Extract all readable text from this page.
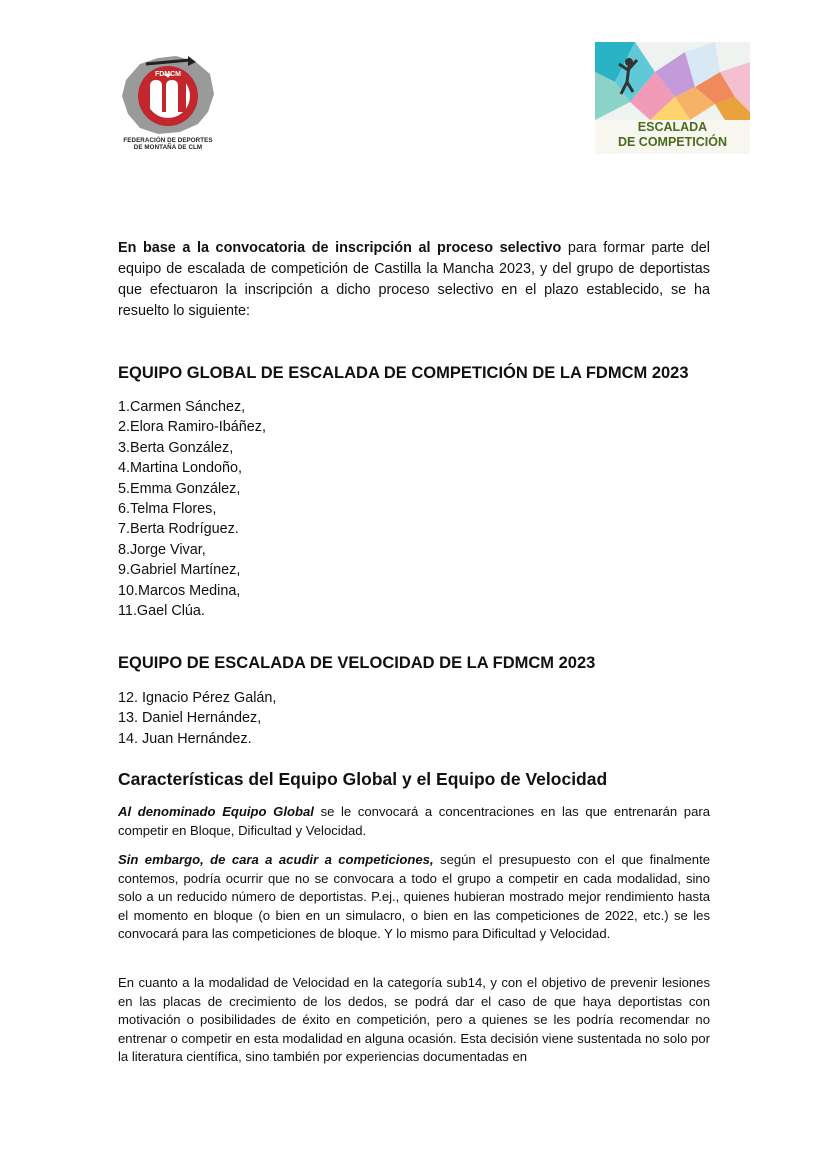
FDMCM
FEDERACIÓN DE DEPORTES
DE MONTAÑA DE CLM
ESCALADA
DE COMPETICIÓN
En base a la convocatoria de inscripción al proceso selectivo para formar parte del equipo de escalada de competición de Castilla la Mancha 2023, y del grupo de deportistas que efectuaron la inscripción a dicho proceso selectivo en el plazo establecido, se ha resuelto lo siguiente:
EQUIPO GLOBAL DE ESCALADA DE COMPETICIÓN DE LA FDMCM 2023
1.Carmen Sánchez,
2.Elora Ramiro-Ibáñez,
3.Berta González,
4.Martina Londoño,
5.Emma González,
6.Telma Flores,
7.Berta Rodríguez.
8.Jorge Vivar,
9.Gabriel Martínez,
10.Marcos Medina,
11.Gael Clúa.
EQUIPO DE ESCALADA DE VELOCIDAD DE LA FDMCM 2023
12. Ignacio Pérez Galán,
13. Daniel Hernández,
14. Juan Hernández.
Características del Equipo Global y el Equipo de Velocidad
Al denominado Equipo Global se le convocará a concentraciones en las que entrenarán para competir en Bloque, Dificultad y Velocidad.
Sin embargo, de cara a acudir a competiciones, según el presupuesto con el que finalmente contemos, podría ocurrir que no se convocara a todo el grupo a competir en cada modalidad, sino solo a un reducido número de deportistas. P.ej., quienes hubieran mostrado mejor rendimiento hasta el momento en bloque (o bien en un simulacro, o bien en las competiciones de 2022, etc.) se les convocará para las competiciones de bloque. Y lo mismo para Dificultad y Velocidad.
En cuanto a la modalidad de Velocidad en la categoría sub14, y con el objetivo de prevenir lesiones en las placas de crecimiento de los dedos, se podrá dar el caso de que haya deportistas con motivación o posibilidades de éxito en competición, pero a quienes se les podría recomendar no entrenar o competir en esta modalidad en alguna ocasión. Esta decisión viene sustentada no solo por la literatura científica, sino también por experiencias documentadas en
